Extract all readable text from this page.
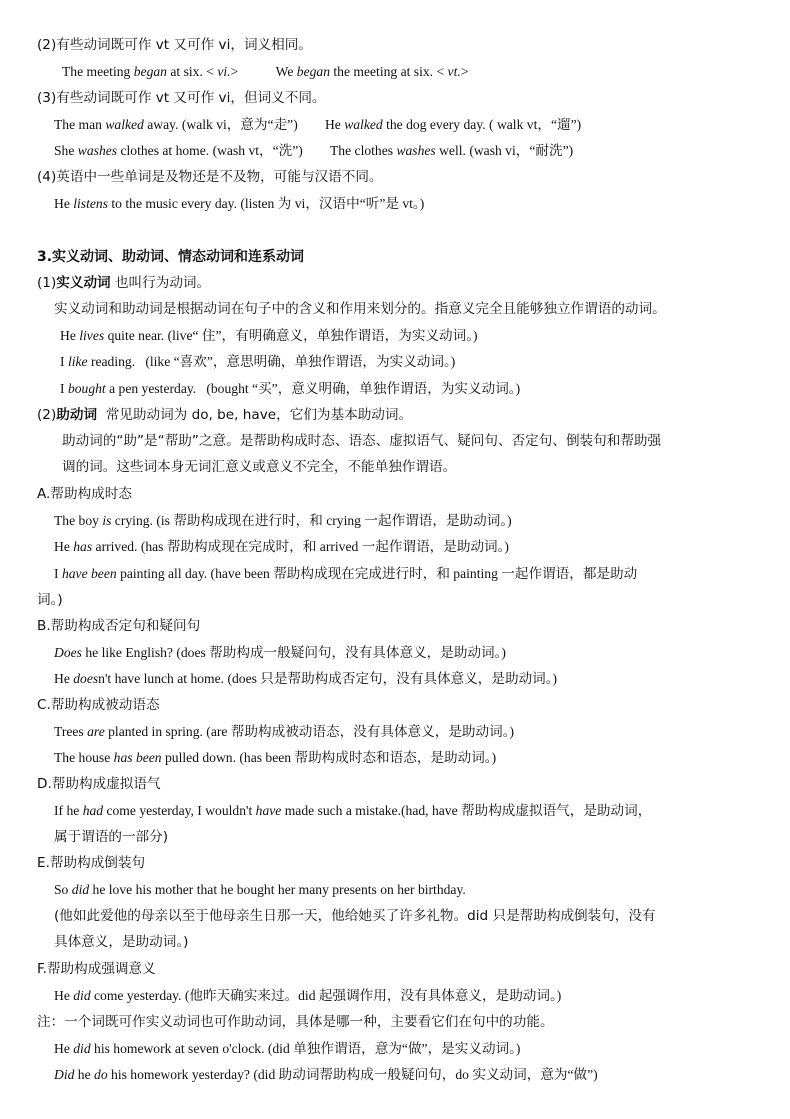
(2)有些动词既可作 vt 又可作 vi，词义相同。
The meeting began at six. < vi.>           We began the meeting at six. < vt.>
(3)有些动词既可作 vt 又可作 vi，但词义不同。
The man walked away. (walk vi，意为“走”)        He walked the dog every day. ( walk vt，“遛”)
She washes clothes at home. (wash vt，“洗”)        The clothes washes well. (wash vi，“耐洗”)
(4)英语中一些单词是及物还是不及物，可能与汉语不同。
He listens to the music every day. (listen 为 vi，汉语中“听”是 vt。)
3.实义动词、助动词、情态动词和连系动词
(1)实义动词 也叫行为动词。
实义动词和助动词是根据动词在句子中的含义和作用来划分的。指意义完全且能够独立作谓语的动词。
He lives quite near. (live“ 住”，有明确意义，单独作谓语，为实义动词。)
I like reading.   (like “喜欢”，意思明确，单独作谓语，为实义动词。)
I bought a pen yesterday.   (bought “买”，意义明确，单独作谓语，为实义动词。)
(2)助动词  常见助动词为 do, be, have，它们为基本助动词。
助动词的“助”是“帮助”之意。是帮助构成时态、语态、虚拟语气、疑问句、否定句、倒装句和帮助强
调的词。这些词本身无词汇意义或意义不完全，不能单独作谓语。
A.帮助构成时态
The boy is crying. (is 帮助构成现在进行时，和 crying 一起作谓语，是助动词。)
He has arrived. (has 帮助构成现在完成时，和 arrived 一起作谓语，是助动词。)
I have been painting all day. (have been 帮助构成现在完成进行时，和 painting 一起作谓语，都是助动
词。)
B.帮助构成否定句和疑问句
Does he like English? (does 帮助构成一般疑问句，没有具体意义，是助动词。)
He doesn't have lunch at home. (does 只是帮助构成否定句，没有具体意义，是助动词。)
C.帮助构成被动语态
Trees are planted in spring. (are 帮助构成被动语态，没有具体意义，是助动词。)
The house has been pulled down. (has been 帮助构成时态和语态，是助动词。)
D.帮助构成虚拟语气
If he had come yesterday, I wouldn't have made such a mistake.(had, have 帮助构成虚拟语气，是助动词，
属于谓语的一部分)
E.帮助构成倒装句
So did he love his mother that he bought her many presents on her birthday.
(他如此爱他的母亲以至于他母亲生日那一天，他给她买了许多礼物。did 只是帮助构成倒装句，没有
具体意义，是助动词。)
F.帮助构成强调意义
He did come yesterday. (他昨天确实来过。did 起强调作用，没有具体意义，是助动词。)
注：一个词既可作实义动词也可作助动词，具体是哪一种，主要看它们在句中的功能。
He did his homework at seven o'clock. (did 单独作谓语，意为“做”，是实义动词。)
Did he do his homework yesterday? (did 助动词帮助构成一般疑问句，do 实义动词，意为“做”)
